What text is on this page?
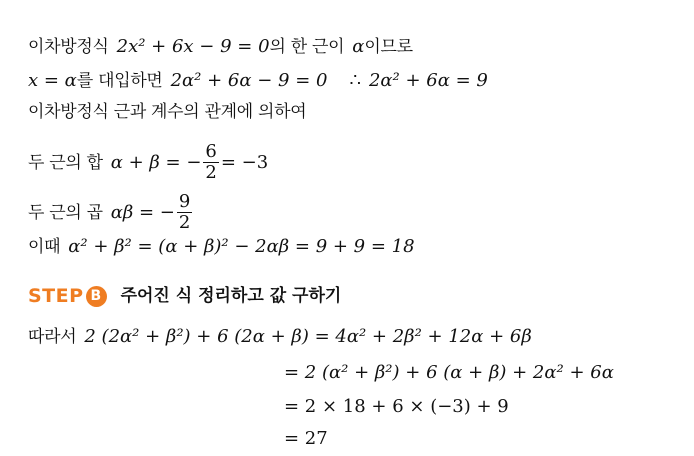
이차방정식 2x² + 6x − 9 = 0 의 한 근이 α 이므로
x = α 를 대입하면 2α² + 6α − 9 = 0 ∴ 2α² + 6α = 9
이차방정식 근과 계수의 관계에 의하여
두 근의 합 α + β = − $\frac{6}{2} = -3$
두 근의 곱 αβ = − $\frac{9}{2}$
이때 α² + β² = (α + β)² − 2αβ = 9 + 9 = 18
STEP B 주어진 식 정리하고 값 구하기
따라서 2 (2α² + β²) + 6 (2α + β) = 4α² + 2β² + 12α + 6β
= 2 (α² + β²) + 6 (α + β) + 2α² + 6α
= 2 × 18 + 6 × (−3) + 9
= 27
